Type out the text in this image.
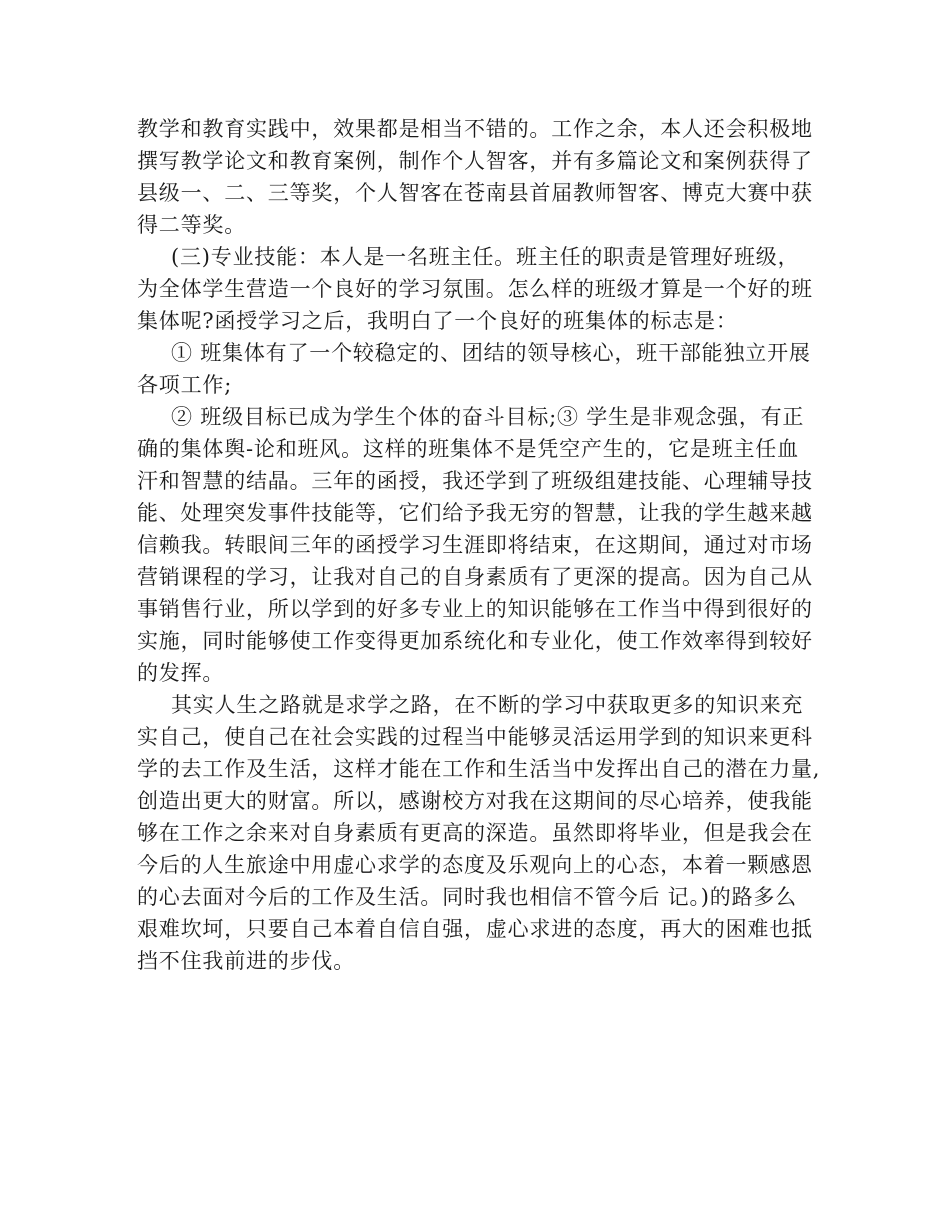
教学和教育实践中，效果都是相当不错的。工作之余，本人还会积极地
撰写教学论文和教育案例，制作个人智客，并有多篇论文和案例获得了
县级一、二、三等奖，个人智客在苍南县首届教师智客、博克大赛中获
得二等奖。
(三)专业技能：本人是一名班主任。班主任的职责是管理好班级，
为全体学生营造一个良好的学习氛围。怎么样的班级才算是一个好的班
集体呢?函授学习之后，我明白了一个良好的班集体的标志是：
① 班集体有了一个较稳定的、团结的领导核心，班干部能独立开展
各项工作;
② 班级目标已成为学生个体的奋斗目标;③ 学生是非观念强，有正
确的集体舆-论和班风。这样的班集体不是凭空产生的，它是班主任血
汗和智慧的结晶。三年的函授，我还学到了班级组建技能、心理辅导技
能、处理突发事件技能等，它们给予我无穷的智慧，让我的学生越来越
信赖我。转眼间三年的函授学习生涯即将结束，在这期间，通过对市场
营销课程的学习，让我对自己的自身素质有了更深的提高。因为自己从
事销售行业，所以学到的好多专业上的知识能够在工作当中得到很好的
实施，同时能够使工作变得更加系统化和专业化，使工作效率得到较好
的发挥。
其实人生之路就是求学之路，在不断的学习中获取更多的知识来充
实自己，使自己在社会实践的过程当中能够灵活运用学到的知识来更科
学的去工作及生活，这样才能在工作和生活当中发挥出自己的潜在力量,
创造出更大的财富。所以，感谢校方对我在这期间的尽心培养，使我能
够在工作之余来对自身素质有更高的深造。虽然即将毕业，但是我会在
今后的人生旅途中用虚心求学的态度及乐观向上的心态，本着一颗感恩
的心去面对今后的工作及生活。同时我也相信不管今后 记。)的路多么
艰难坎坷，只要自己本着自信自强，虚心求进的态度，再大的困难也抵
挡不住我前进的步伐。
